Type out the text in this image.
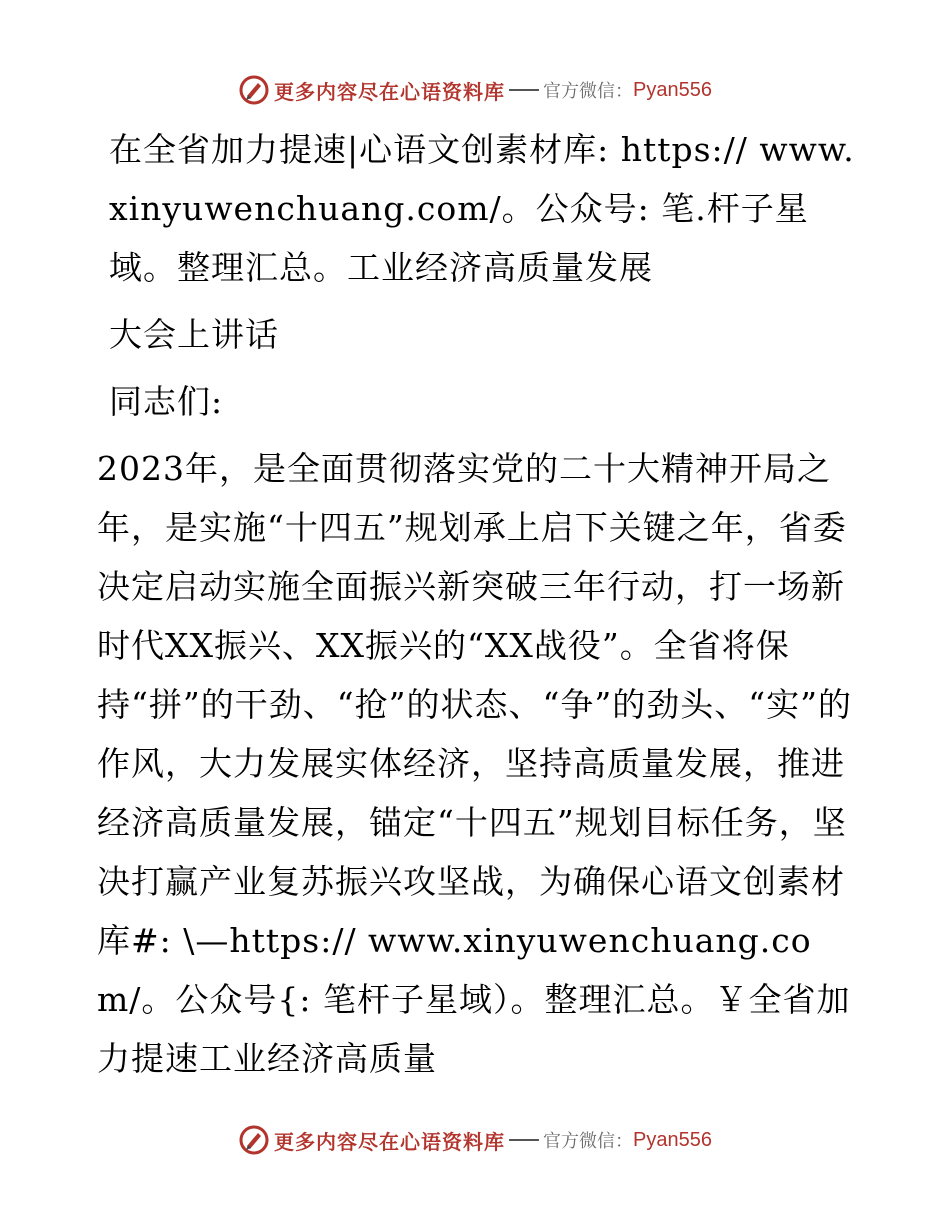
更多内容尽在心语资料库 官方微信： Pyan556

在全省加力提速|心语文创素材库: https:// www.xinyuwenchuang.com/。公众号: 笔.杆子星域。整理汇总。工业经济高质量发展

大会上讲话

同志们:

2023年，是全面贯彻落实党的二十大精神开局之年，是实施“十四五”规划承上启下关键之年，省委决定启动实施全面振兴新突破三年行动，打一场新时代XX振兴、XX振兴的“XX战役”。全省将保持“拼”的干劲、“抢”的状态、“争”的劲头、“实”的作风，大力发展实体经济，坚持高质量发展，推进经济高质量发展，锚定“十四五”规划目标任务，坚决打赢产业复苏振兴攻坚战，为确保心语文创素材库#: \—https:// www.xinyuwenchuang.com/。公众号{: 笔杆子星域）。整理汇总。￥全省加力提速工业经济高质量

更多内容尽在心语资料库 官方微信： Pyan556
